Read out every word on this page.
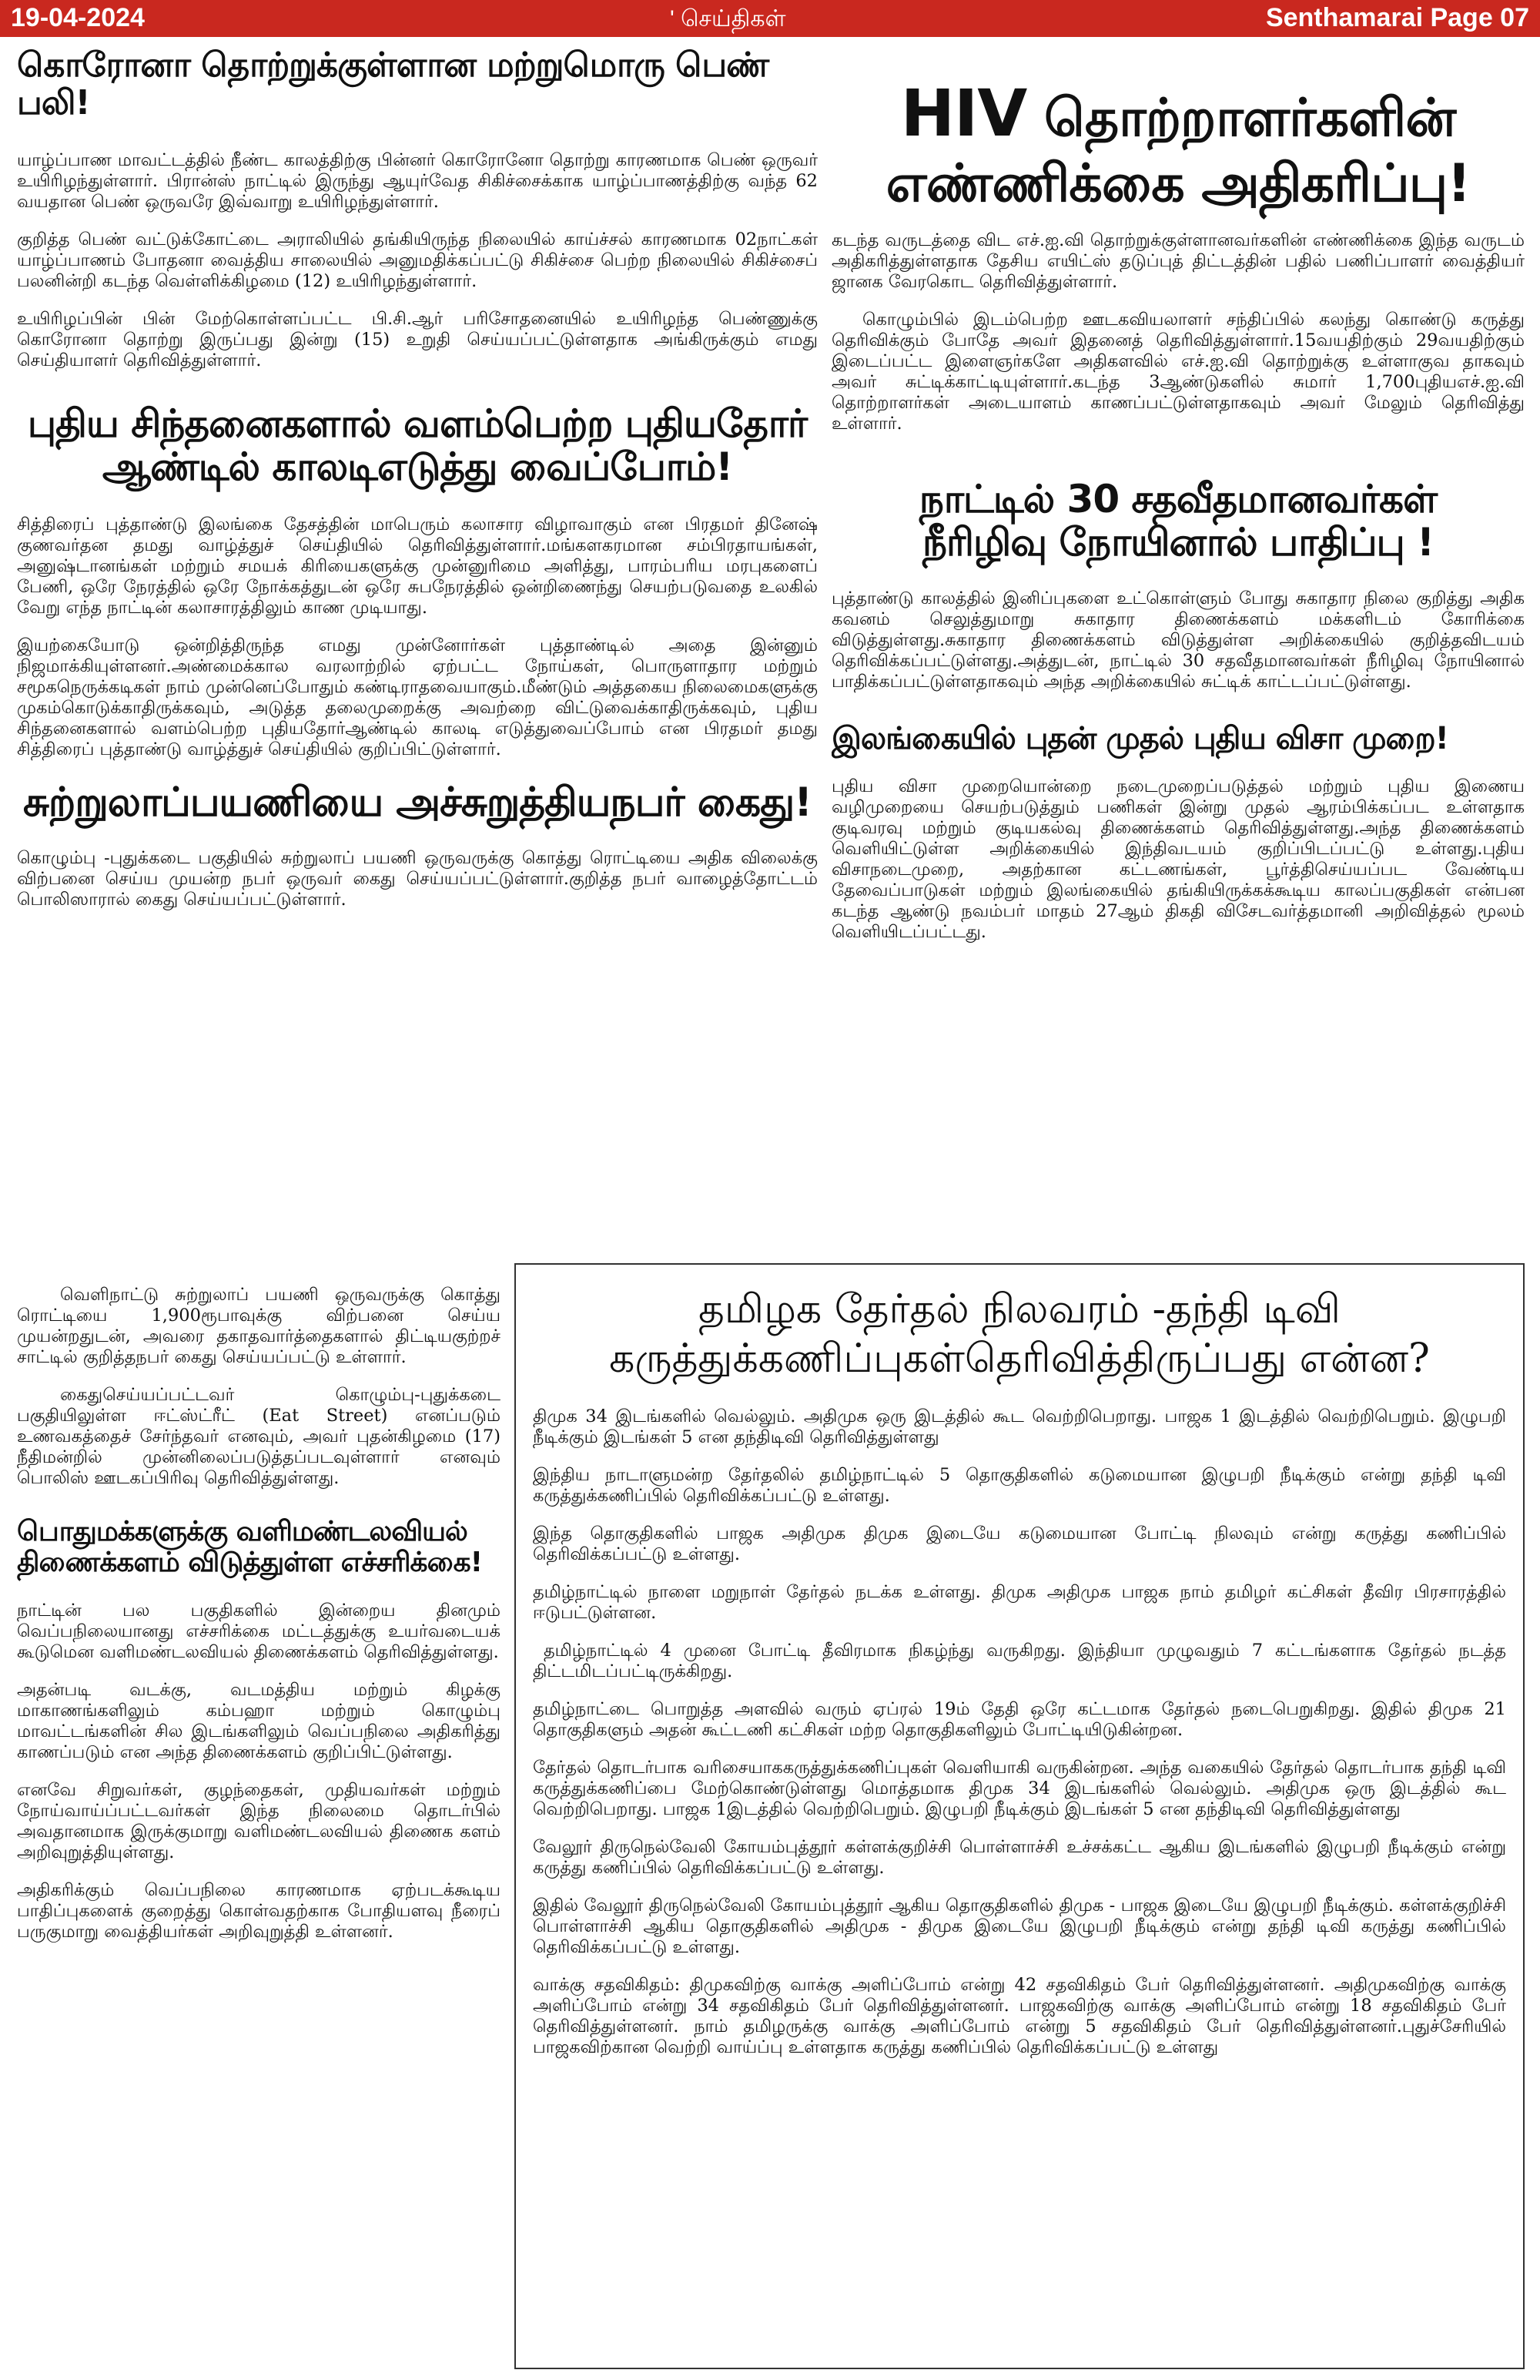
19-04-2024	' செய்திகள்	Senthamarai Page 07
கொரோனா தொற்றுக்குள்ளான மற்றுமொரு பெண் பலி!

யாழ்ப்பாண மாவட்டத்தில் நீண்ட காலத்திற்கு பின்னர் கொரோனோ தொற்று காரணமாக பெண் ஒருவர் உயிரிழந்துள்ளார். பிரான்ஸ் நாட்டில் இருந்து ஆயுர்வேத சிகிச்சைக்காக யாழ்ப்பாணத்திற்கு வந்த 62 வயதான பெண் ஒருவரே இவ்வாறு உயிரிழந்துள்ளார்.

குறித்த பெண் வட்டுக்கோட்டை அராலியில் தங்கியிருந்த நிலையில் காய்ச்சல் காரணமாக 02நாட்கள் யாழ்ப்பாணம் போதனா வைத்திய சாலையில் அனுமதிக்கப்பட்டு சிகிச்சை பெற்ற நிலையில் சிகிச்சைப் பலனின்றி கடந்த வெள்ளிக்கிழமை (12) உயிரிழந்துள்ளார்.

உயிரிழப்பின் பின் மேற்கொள்ளப்பட்ட பி.சி.ஆர் பரிசோதனையில் உயிரிழந்த பெண்ணுக்கு கொரோனா தொற்று இருப்பது இன்று (15) உறுதி செய்யப்பட்டுள்ளதாக அங்கிருக்கும் எமது செய்தியாளர் தெரிவித்துள்ளார்.

புதிய சிந்தனைகளால் வளம்பெற்ற புதியதோர்
ஆண்டில் காலடிஎடுத்து வைப்போம்!

சித்திரைப் புத்தாண்டு இலங்கை தேசத்தின் மாபெரும் கலாசார விழாவாகும் என பிரதமர் தினேஷ் குணவர்தன தமது வாழ்த்துச் செய்தியில் தெரிவித்துள்ளார்.மங்களகரமான சம்பிரதாயங்கள், அனுஷ்டானங்கள் மற்றும் சமயக் கிரியைகளுக்கு முன்னுரிமை அளித்து, பாரம்பரிய மரபுகளைப் பேணி, ஒரே நேரத்தில் ஒரே நோக்கத்துடன் ஒரே சுபநேரத்தில் ஒன்றிணைந்து செயற்படுவதை உலகில் வேறு எந்த நாட்டின் கலாசாரத்திலும் காண முடியாது.

இயற்கையோடு ஒன்றித்திருந்த எமது முன்னோர்கள் புத்தாண்டில் அதை இன்னும் நிஜமாக்கியுள்ளனர்.அண்மைக்கால வரலாற்றில் ஏற்பட்ட நோய்கள், பொருளாதார மற்றும் சமூகநெருக்கடிகள் நாம் முன்னெப்போதும் கண்டிராதவையாகும்.மீண்டும் அத்தகைய நிலைமைகளுக்கு முகம்கொடுக்காதிருக்கவும், அடுத்த தலைமுறைக்கு அவற்றை விட்டுவைக்காதிருக்கவும், புதிய சிந்தனைகளால் வளம்பெற்ற புதியதோர்ஆண்டில் காலடி எடுத்துவைப்போம் என பிரதமர் தமது சித்திரைப் புத்தாண்டு வாழ்த்துச் செய்தியில் குறிப்பிட்டுள்ளார்.

சுற்றுலாப்பயணியை அச்சுறுத்தியநபர் கைது!

கொழும்பு -புதுக்கடை பகுதியில் சுற்றுலாப் பயணி ஒருவருக்கு கொத்து ரொட்டியை அதிக விலைக்கு விற்பனை செய்ய முயன்ற நபர் ஒருவர் கைது செய்யப்பட்டுள்ளார்.குறித்த நபர் வாழைத்தோட்டம் பொலிஸாரால் கைது செய்யப்பட்டுள்ளார்.

வெளிநாட்டு சுற்றுலாப் பயணி ஒருவருக்கு கொத்து ரொட்டியை 1,900ரூபாவுக்கு விற்பனை செய்ய முயன்றதுடன், அவரை தகாதவார்த்தைகளால் திட்டியகுற்றச் சாட்டில் குறித்தநபர் கைது செய்யப்பட்டு உள்ளார்.

கைதுசெய்யப்பட்டவர் கொழும்பு-புதுக்கடை பகுதியிலுள்ள ஈட்ஸ்ட்ரீட் (Eat Street) எனப்படும் உணவகத்தைச் சேர்ந்தவர் எனவும், அவர் புதன்கிழமை (17) நீதிமன்றில் முன்னிலைப்படுத்தப்படவுள்ளார் எனவும் பொலிஸ் ஊடகப்பிரிவு தெரிவித்துள்ளது.

பொதுமக்களுக்கு வளிமண்டலவியல்
திணைக்களம் விடுத்துள்ள எச்சரிக்கை!

நாட்டின் பல பகுதிகளில் இன்றைய தினமும் வெப்பநிலையானது எச்சரிக்கை மட்டத்துக்கு உயர்வடையக் கூடுமென வளிமண்டலவியல் திணைக்களம் தெரிவித்துள்ளது.

அதன்படி வடக்கு, வடமத்திய மற்றும் கிழக்கு மாகாணங்களிலும் கம்பஹா மற்றும் கொழும்பு மாவட்டங்களின் சில இடங்களிலும் வெப்பநிலை அதிகரித்து காணப்படும் என அந்த திணைக்களம் குறிப்பிட்டுள்ளது.

எனவே சிறுவர்கள், குழந்தைகள், முதியவர்கள் மற்றும் நோய்வாய்ப்பட்டவர்கள் இந்த நிலைமை தொடர்பில் அவதானமாக இருக்குமாறு வளிமண்டலவியல் திணைக களம் அறிவுறுத்தியுள்ளது.

அதிகரிக்கும் வெப்பநிலை காரணமாக ஏற்படக்கூடிய பாதிப்புகளைக் குறைத்து கொள்வதற்காக போதியளவு நீரைப் பருகுமாறு வைத்தியர்கள் அறிவுறுத்தி உள்ளனர்.

HIV தொற்றாளர்களின்
எண்ணிக்கை அதிகரிப்பு!

கடந்த வருடத்தை விட எச்.ஐ.வி தொற்றுக்குள்ளானவர்களின் எண்ணிக்கை இந்த வருடம் அதிகரித்துள்ளதாக தேசிய எயிட்ஸ் தடுப்புத் திட்டத்தின் பதில் பணிப்பாளர் வைத்தியர் ஜானக வேரகொட தெரிவித்துள்ளார்.

கொழும்பில் இடம்பெற்ற ஊடகவியலாளர் சந்திப்பில் கலந்து கொண்டு கருத்து தெரிவிக்கும் போதே அவர் இதனைத் தெரிவித்துள்ளார்.15வயதிற்கும் 29வயதிற்கும் இடைப்பட்ட இளைஞர்களே அதிகளவில் எச்.ஐ.வி தொற்றுக்கு உள்ளாகுவ தாகவும் அவர் சுட்டிக்காட்டியுள்ளார்.கடந்த 3ஆண்டுகளில் சுமார் 1,700புதியஎச்.ஐ.வி தொற்றாளர்கள் அடையாளம் காணப்பட்டுள்ளதாகவும் அவர் மேலும் தெரிவித்து உள்ளார்.

நாட்டில் 30 சதவீதமானவர்கள்
நீரிழிவு நோயினால் பாதிப்பு !

புத்தாண்டு காலத்தில் இனிப்புகளை உட்கொள்ளும் போது சுகாதார நிலை குறித்து அதிக கவனம் செலுத்துமாறு சுகாதார திணைக்களம் மக்களிடம் கோரிக்கை விடுத்துள்ளது.சுகாதார திணைக்களம் விடுத்துள்ள அறிக்கையில் குறித்தவிடயம் தெரிவிக்கப்பட்டுள்ளது.அத்துடன், நாட்டில் 30 சதவீதமானவர்கள் நீரிழிவு நோயினால் பாதிக்கப்பட்டுள்ளதாகவும் அந்த அறிக்கையில் சுட்டிக் காட்டப்பட்டுள்ளது.

இலங்கையில் புதன் முதல் புதிய விசா முறை!

புதிய விசா முறையொன்றை நடைமுறைப்படுத்தல் மற்றும் புதிய இணைய வழிமுறையை செயற்படுத்தும் பணிகள் இன்று முதல் ஆரம்பிக்கப்பட உள்ளதாக குடிவரவு மற்றும் குடியகல்வு திணைக்களம் தெரிவித்துள்ளது.அந்த திணைக்களம் வெளியிட்டுள்ள அறிக்கையில் இந்திவடயம் குறிப்பிடப்பட்டு உள்ளது.புதிய விசாநடைமுறை, அதற்கான கட்டணங்கள், பூர்த்திசெய்யப்பட வேண்டிய தேவைப்பாடுகள் மற்றும் இலங்கையில் தங்கியிருக்கக்கூடிய காலப்பகுதிகள் என்பன கடந்த ஆண்டு நவம்பர் மாதம் 27ஆம் திகதி விசேடவர்த்தமானி அறிவித்தல் மூலம் வெளியிடப்பட்டது.

தமிழக தேர்தல் நிலவரம் -தந்தி டிவி
கருத்துக்கணிப்புகள்தெரிவித்திருப்பது என்ன?

திமுக 34 இடங்களில் வெல்லும். அதிமுக ஒரு இடத்தில் கூட வெற்றிபெறாது. பாஜக 1 இடத்தில் வெற்றிபெறும். இழுபறி நீடிக்கும் இடங்கள் 5 என தந்திடிவி தெரிவித்துள்ளது

இந்திய நாடாளுமன்ற தேர்தலில் தமிழ்நாட்டில் 5 தொகுதிகளில் கடுமையான இழுபறி நீடிக்கும் என்று தந்தி டிவி கருத்துக்கணிப்பில் தெரிவிக்கப்பட்டு உள்ளது.

இந்த தொகுதிகளில் பாஜக அதிமுக திமுக இடையே கடுமையான போட்டி நிலவும் என்று கருத்து கணிப்பில் தெரிவிக்கப்பட்டு உள்ளது.

தமிழ்நாட்டில் நாளை மறுநாள் தேர்தல் நடக்க உள்ளது. திமுக அதிமுக பாஜக நாம் தமிழர் கட்சிகள் தீவிர பிரசாரத்தில் ஈடுபட்டுள்ளன.

தமிழ்நாட்டில் 4 முனை போட்டி தீவிரமாக நிகழ்ந்து வருகிறது. இந்தியா முழுவதும் 7 கட்டங்களாக தேர்தல் நடத்த திட்டமிடப்பட்டிருக்கிறது.

தமிழ்நாட்டை பொறுத்த அளவில் வரும் ஏப்ரல் 19ம் தேதி ஒரே கட்டமாக தேர்தல் நடைபெறுகிறது. இதில் திமுக 21 தொகுதிகளும் அதன் கூட்டணி கட்சிகள் மற்ற தொகுதிகளிலும் போட்டியிடுகின்றன.

தேர்தல் தொடர்பாக வரிசையாககருத்துக்கணிப்புகள் வெளியாகி வருகின்றன. அந்த வகையில் தேர்தல் தொடர்பாக தந்தி டிவி கருத்துக்கணிப்பை மேற்கொண்டுள்ளது மொத்தமாக திமுக 34 இடங்களில் வெல்லும். அதிமுக ஒரு இடத்தில் கூட வெற்றிபெறாது. பாஜக 1இடத்தில் வெற்றிபெறும். இழுபறி நீடிக்கும் இடங்கள் 5 என தந்திடிவி தெரிவித்துள்ளது

வேலூர் திருநெல்வேலி கோயம்புத்தூர் கள்ளக்குறிச்சி பொள்ளாச்சி உச்சக்கட்ட ஆகிய இடங்களில் இழுபறி நீடிக்கும் என்று கருத்து கணிப்பில் தெரிவிக்கப்பட்டு உள்ளது.

இதில் வேலூர் திருநெல்வேலி கோயம்புத்தூர் ஆகிய தொகுதிகளில் திமுக - பாஜக இடையே இழுபறி நீடிக்கும். கள்ளக்குறிச்சி பொள்ளாச்சி ஆகிய தொகுதிகளில் அதிமுக - திமுக இடையே இழுபறி நீடிக்கும் என்று தந்தி டிவி கருத்து கணிப்பில் தெரிவிக்கப்பட்டு உள்ளது.

வாக்கு சதவிகிதம்: திமுகவிற்கு வாக்கு அளிப்போம் என்று 42 சதவிகிதம் பேர் தெரிவித்துள்ளனர். அதிமுகவிற்கு வாக்கு அளிப்போம் என்று 34 சதவிகிதம் பேர் தெரிவித்துள்ளனர். பாஜகவிற்கு வாக்கு அளிப்போம் என்று 18 சதவிகிதம் பேர் தெரிவித்துள்ளனர். நாம் தமிழருக்கு வாக்கு அளிப்போம் என்று 5 சதவிகிதம் பேர் தெரிவித்துள்ளனர்.புதுச்சேரியில் பாஜகவிற்கான வெற்றி வாய்ப்பு உள்ளதாக கருத்து கணிப்பில் தெரிவிக்கப்பட்டு உள்ளது
